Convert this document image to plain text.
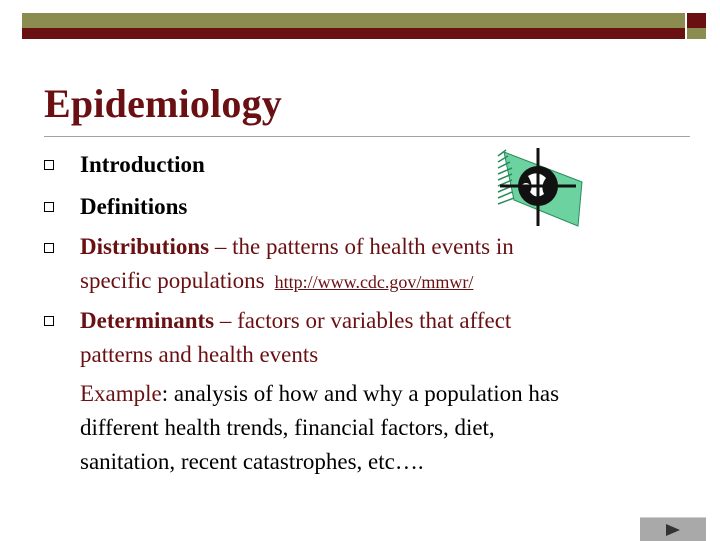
Epidemiology
Introduction
Definitions
Distributions – the patterns of health events in
specific populations http://www.cdc.gov/mmwr/
Determinants – factors or variables that affect
patterns and health events
Example: analysis of how and why a population has
different health trends, financial factors, diet,
sanitation, recent catastrophes, etc….
